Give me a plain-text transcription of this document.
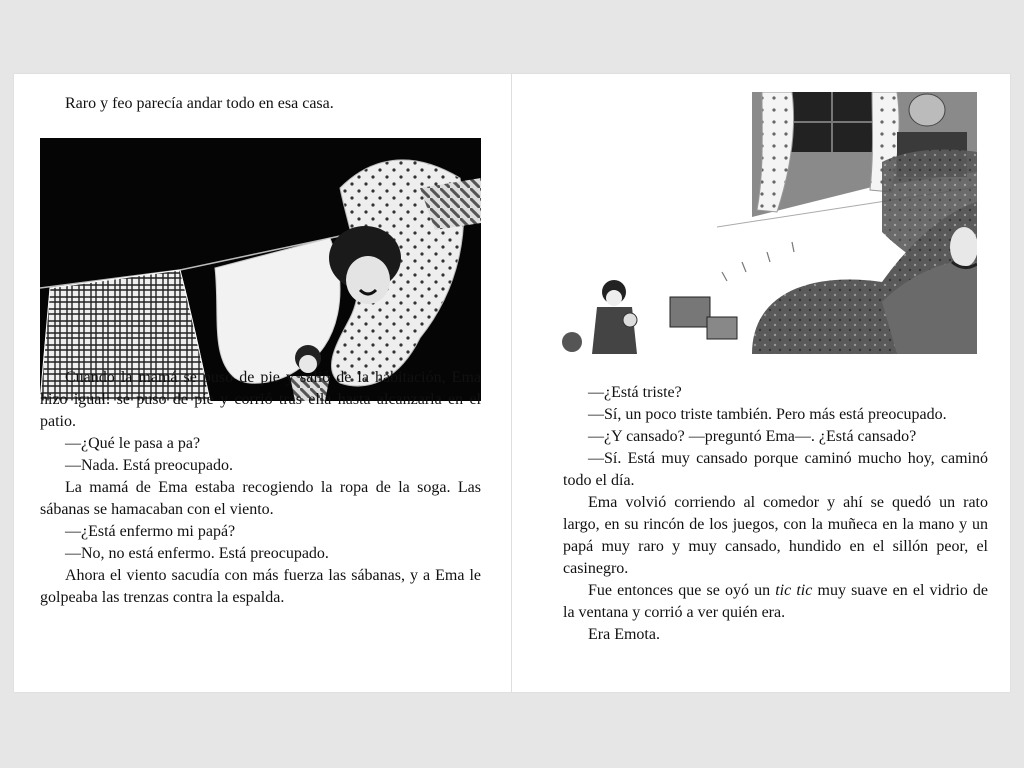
Raro y feo parecía andar todo en esa casa.

Cuando la mamá se puso de pie y salió de la habitación, Ema hizo igual: se puso de pie y corrió tras ella hasta alcanzarla en el patio.

—¿Qué le pasa a pa?

—Nada. Está preocupado.

La mamá de Ema estaba recogiendo la ropa de la soga. Las sábanas se hamacaban con el viento.

—¿Está enfermo mi papá?

—No, no está enfermo. Está preocupado.

Ahora el viento sacudía con más fuerza las sábanas, y a Ema le golpeaba las trenzas contra la espalda.

—¿Está triste?

—Sí, un poco triste también. Pero más está preocupado.

—¿Y cansado? —preguntó Ema—. ¿Está cansado?

—Sí. Está muy cansado porque caminó mucho hoy, caminó todo el día.

Ema volvió corriendo al comedor y ahí se quedó un rato largo, en su rincón de los juegos, con la muñeca en la mano y un papá muy raro y muy cansado, hundido en el sillón peor, el casinegro.

Fue entonces que se oyó un tic tic muy suave en el vidrio de la ventana y corrió a ver quién era.

Era Emota.
